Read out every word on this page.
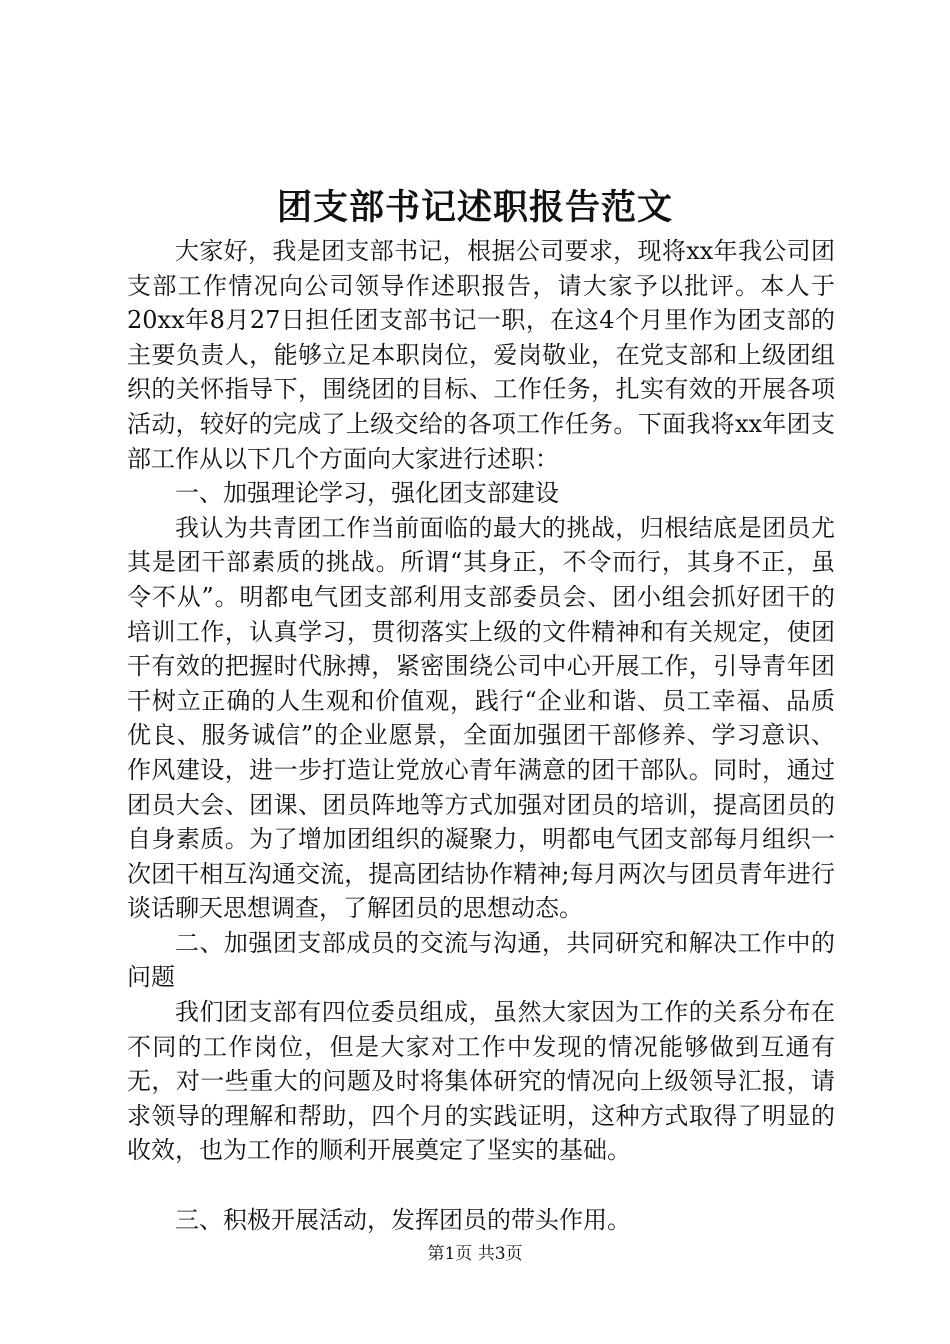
团支部书记述职报告范文

大家好，我是团支部书记，根据公司要求，现将xx年我公司团支部工作情况向公司领导作述职报告，请大家予以批评。本人于20xx年8月27日担任团支部书记一职，在这4个月里作为团支部的主要负责人，能够立足本职岗位，爱岗敬业，在党支部和上级团组织的关怀指导下，围绕团的目标、工作任务，扎实有效的开展各项活动，较好的完成了上级交给的各项工作任务。下面我将xx年团支部工作从以下几个方面向大家进行述职：

一、加强理论学习，强化团支部建设

我认为共青团工作当前面临的最大的挑战，归根结底是团员尤其是团干部素质的挑战。所谓“其身正，不令而行，其身不正，虽令不从”。明都电气团支部利用支部委员会、团小组会抓好团干的培训工作，认真学习，贯彻落实上级的文件精神和有关规定，使团干有效的把握时代脉搏，紧密围绕公司中心开展工作，引导青年团干树立正确的人生观和价值观，践行“企业和谐、员工幸福、品质优良、服务诚信”的企业愿景，全面加强团干部修养、学习意识、作风建设，进一步打造让党放心青年满意的团干部队。同时，通过团员大会、团课、团员阵地等方式加强对团员的培训，提高团员的自身素质。为了增加团组织的凝聚力，明都电气团支部每月组织一次团干相互沟通交流，提高团结协作精神;每月两次与团员青年进行谈话聊天思想调查，了解团员的思想动态。

二、加强团支部成员的交流与沟通，共同研究和解决工作中的问题

我们团支部有四位委员组成，虽然大家因为工作的关系分布在不同的工作岗位，但是大家对工作中发现的情况能够做到互通有无，对一些重大的问题及时将集体研究的情况向上级领导汇报，请求领导的理解和帮助，四个月的实践证明，这种方式取得了明显的收效，也为工作的顺利开展奠定了坚实的基础。

三、积极开展活动，发挥团员的带头作用。

第1页 共3页
